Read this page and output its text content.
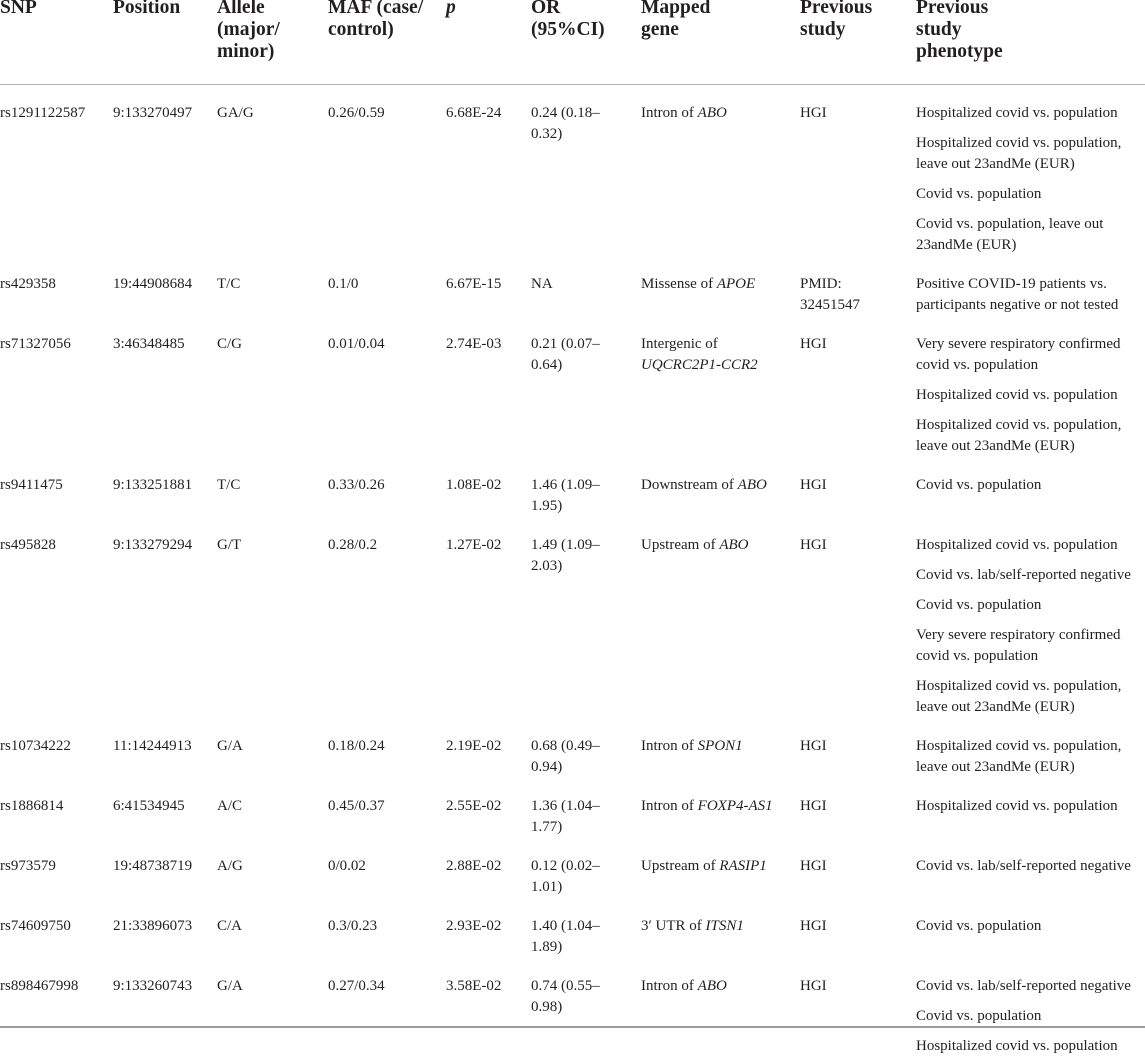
SNP	Position	Allele (major/ minor)	MAF (case/ control)	p	OR (95%CI)	Mapped gene	Previous study	Previous study phenotype

rs1291122587	9:133270497	GA/G	0.26/0.59	6.68E-24	0.24 (0.18–0.32)	Intron of ABO	HGI	Hospitalized covid vs. population
Hospitalized covid vs. population, leave out 23andMe (EUR)
Covid vs. population
Covid vs. population, leave out 23andMe (EUR)

rs429358	19:44908684	T/C	0.1/0	6.67E-15	NA	Missense of APOE	PMID: 32451547	Positive COVID-19 patients vs. participants negative or not tested

rs71327056	3:46348485	C/G	0.01/0.04	2.74E-03	0.21 (0.07–0.64)	Intergenic of UQCRC2P1-CCR2	HGI	Very severe respiratory confirmed covid vs. population
Hospitalized covid vs. population
Hospitalized covid vs. population, leave out 23andMe (EUR)

rs9411475	9:133251881	T/C	0.33/0.26	1.08E-02	1.46 (1.09–1.95)	Downstream of ABO	HGI	Covid vs. population

rs495828	9:133279294	G/T	0.28/0.2	1.27E-02	1.49 (1.09–2.03)	Upstream of ABO	HGI	Hospitalized covid vs. population
Covid vs. lab/self-reported negative
Covid vs. population
Very severe respiratory confirmed covid vs. population
Hospitalized covid vs. population, leave out 23andMe (EUR)

rs10734222	11:14244913	G/A	0.18/0.24	2.19E-02	0.68 (0.49–0.94)	Intron of SPON1	HGI	Hospitalized covid vs. population, leave out 23andMe (EUR)

rs1886814	6:41534945	A/C	0.45/0.37	2.55E-02	1.36 (1.04–1.77)	Intron of FOXP4-AS1	HGI	Hospitalized covid vs. population

rs973579	19:48738719	A/G	0/0.02	2.88E-02	0.12 (0.02–1.01)	Upstream of RASIP1	HGI	Covid vs. lab/self-reported negative

rs74609750	21:33896073	C/A	0.3/0.23	2.93E-02	1.40 (1.04–1.89)	3′ UTR of ITSN1	HGI	Covid vs. population

rs898467998	9:133260743	G/A	0.27/0.34	3.58E-02	0.74 (0.55–0.98)	Intron of ABO	HGI	Covid vs. lab/self-reported negative
Covid vs. population
Hospitalized covid vs. population
